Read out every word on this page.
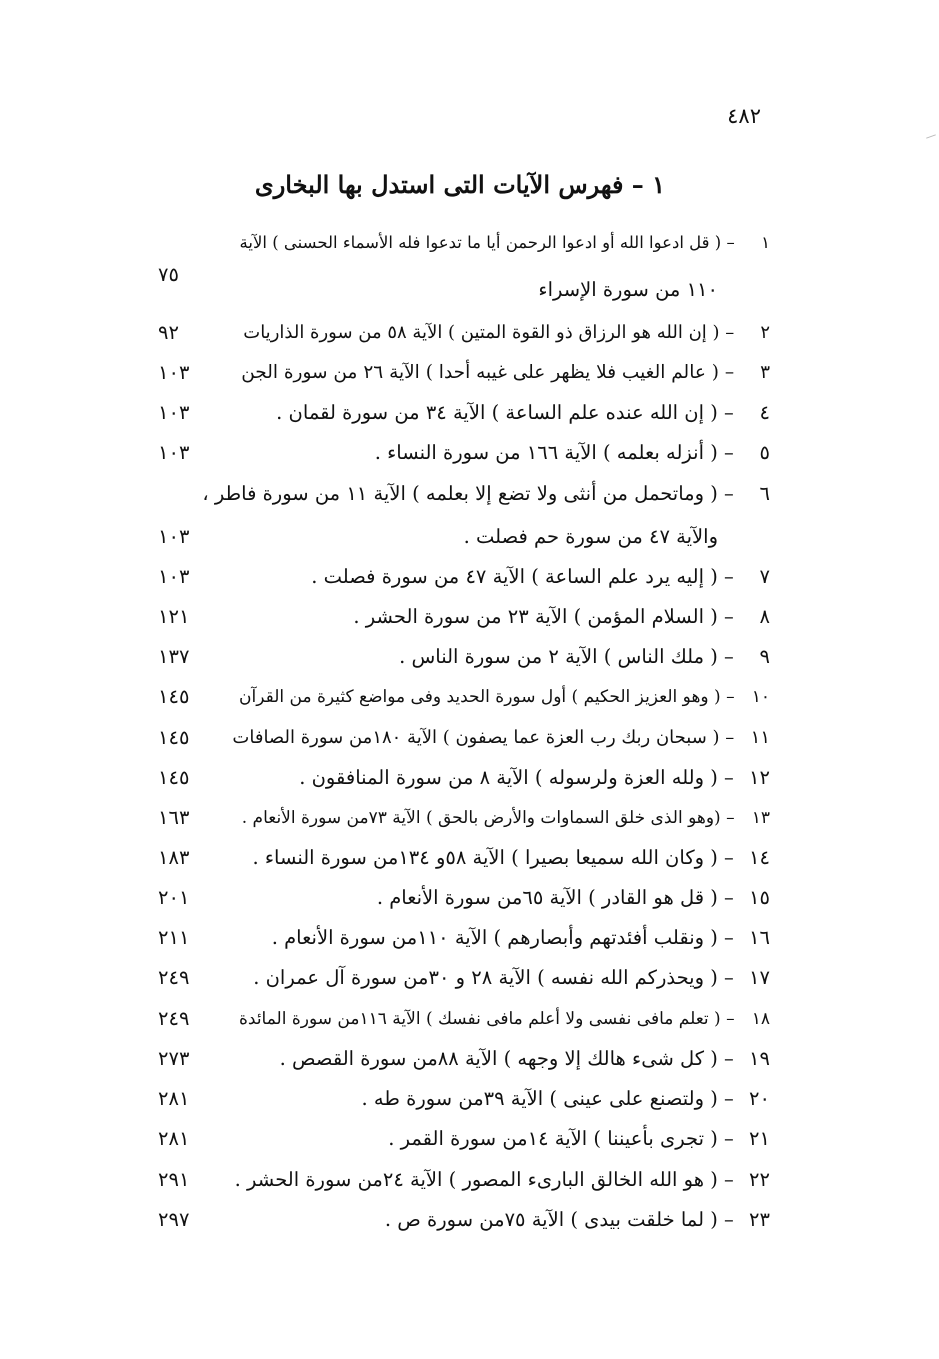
٤٨٢
١ – فهرس الآيات التى استدل بها البخارى
١ – ( قل ادعوا الله أو ادعوا الرحمن أيا ما تدعوا فله الأسماء الحسنى ) الآية
٧٥
١١٠ من سورة الإسراء
٢ – ( إن الله هو الرزاق ذو القوة المتين ) الآية ٥٨ من سورة الذاريات
٩٢
٣ – ( عالم الغيب فلا يظهر على غيبه أحدا ) الآية ٢٦ من سورة الجن
١٠٣
٤ – ( إن الله عنده علم الساعة ) الآية ٣٤ من سورة لقمان .
١٠٣
٥ – ( أنزله بعلمه ) الآية ١٦٦ من سورة النساء .
١٠٣
٦ – ( وماتحمل من أنثى ولا تضع إلا بعلمه ) الآية ١١ من سورة فاطر ،
والآية ٤٧ من سورة حم فصلت .
١٠٣
٧ – ( إليه يرد علم الساعة ) الآية ٤٧ من سورة فصلت .
١٠٣
٨ – ( السلام المؤمن ) الآية ٢٣ من سورة الحشر .
١٢١
٩ – ( ملك الناس ) الآية ٢ من سورة الناس .
١٣٧
١٠ – ( وهو العزيز الحكيم ) أول سورة الحديد وفى مواضع كثيرة من القرآن
١٤٥
١١ – ( سبحان ربك رب العزة عما يصفون ) الآية ١٨٠من سورة الصافات
١٤٥
١٢ – ( ولله العزة ولرسوله ) الآية ٨ من سورة المنافقون .
١٤٥
١٣ – (وهو الذى خلق السماوات والأرض بالحق ) الآية ٧٣من سورة الأنعام .
١٦٣
١٤ – ( وكان الله سميعا بصيرا ) الآية ٥٨و ١٣٤من سورة النساء .
١٨٣
١٥ – ( قل هو القادر ) الآية ٦٥من سورة الأنعام .
٢٠١
١٦ – ( ونقلب أفئدتهم وأبصارهم ) الآية ١١٠من سورة الأنعام .
٢١١
١٧ – ( ويحذركم الله نفسه ) الآية ٢٨ و ٣٠من سورة آل عمران .
٢٤٩
١٨ – ( تعلم مافى نفسى ولا أعلم مافى نفسك ) الآية ١١٦من سورة المائدة
٢٤٩
١٩ – ( كل شىء هالك إلا وجهه ) الآية ٨٨من سورة القصص .
٢٧٣
٢٠ – ( ولتصنع على عينى ) الآية ٣٩من سورة طه .
٢٨١
٢١ – ( تجرى بأعيننا ) الآية ١٤من سورة القمر .
٢٨١
٢٢ – ( هو الله الخالق البارىء المصور ) الآية ٢٤من سورة الحشر .
٢٩١
٢٣ – ( لما خلقت بيدى ) الآية ٧٥من سورة ص .
٢٩٧
